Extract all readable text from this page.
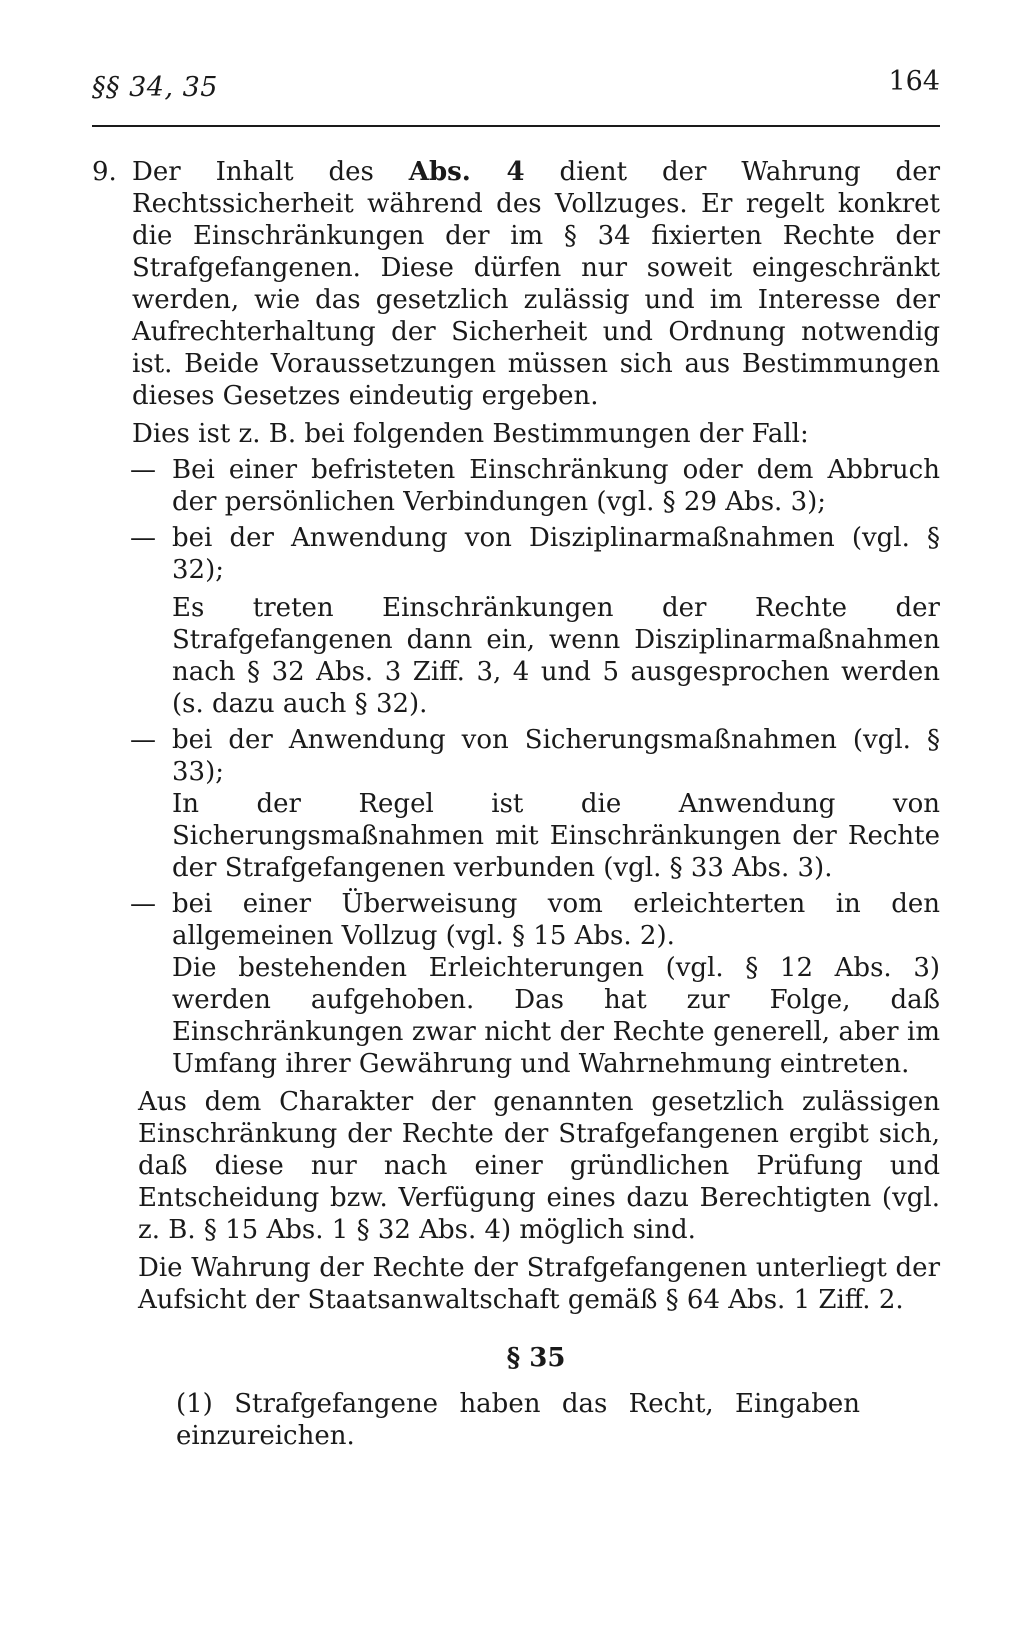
§§ 34, 35	164

9. Der Inhalt des Abs. 4 dient der Wahrung der Rechtssicherheit während des Vollzuges. Er regelt konkret die Einschränkungen der im § 34 fixierten Rechte der Strafgefangenen. Diese dürfen nur soweit eingeschränkt werden, wie das gesetzlich zulässig und im Interesse der Aufrechterhaltung der Sicherheit und Ordnung notwendig ist. Beide Voraussetzungen müssen sich aus Bestimmungen dieses Gesetzes eindeutig ergeben.

Dies ist z. B. bei folgenden Bestimmungen der Fall:

— Bei einer befristeten Einschränkung oder dem Abbruch der persönlichen Verbindungen (vgl. § 29 Abs. 3);

— bei der Anwendung von Disziplinarmaßnahmen (vgl. § 32);

Es treten Einschränkungen der Rechte der Strafgefangenen dann ein, wenn Disziplinarmaßnahmen nach § 32 Abs. 3 Ziff. 3, 4 und 5 ausgesprochen werden (s. dazu auch § 32).

— bei der Anwendung von Sicherungsmaßnahmen (vgl. § 33);

In der Regel ist die Anwendung von Sicherungsmaßnahmen mit Einschränkungen der Rechte der Strafgefangenen verbunden (vgl. § 33 Abs. 3).

— bei einer Überweisung vom erleichterten in den allgemeinen Vollzug (vgl. § 15 Abs. 2).

Die bestehenden Erleichterungen (vgl. § 12 Abs. 3) werden aufgehoben. Das hat zur Folge, daß Einschränkungen zwar nicht der Rechte generell, aber im Umfang ihrer Gewährung und Wahrnehmung eintreten.

Aus dem Charakter der genannten gesetzlich zulässigen Einschränkung der Rechte der Strafgefangenen ergibt sich, daß diese nur nach einer gründlichen Prüfung und Entscheidung bzw. Verfügung eines dazu Berechtigten (vgl. z. B. § 15 Abs. 1 § 32 Abs. 4) möglich sind.

Die Wahrung der Rechte der Strafgefangenen unterliegt der Aufsicht der Staatsanwaltschaft gemäß § 64 Abs. 1 Ziff. 2.

§ 35

(1) Strafgefangene haben das Recht, Eingaben einzureichen.
